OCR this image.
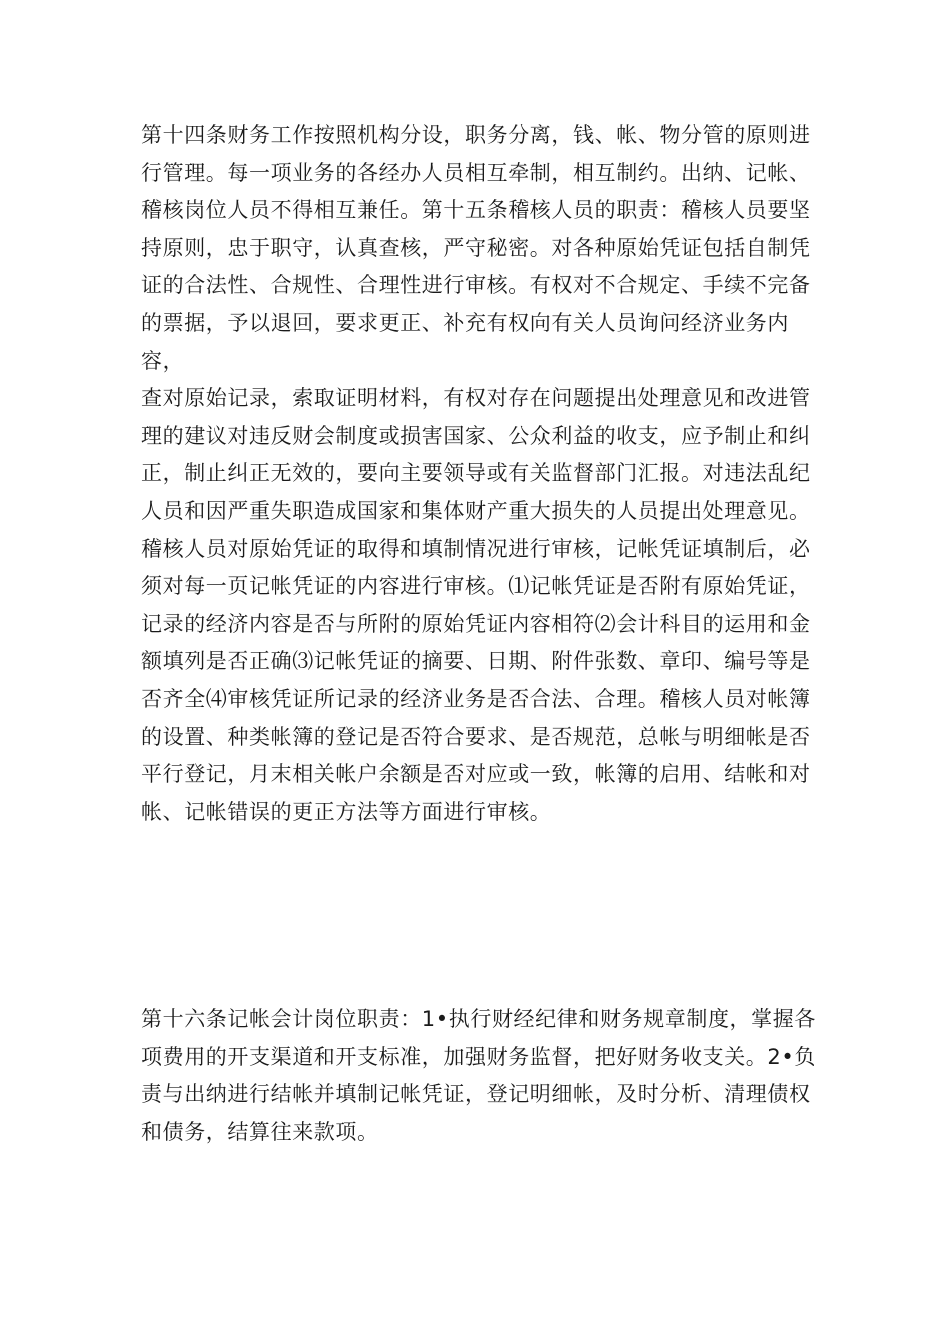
第十四条财务工作按照机构分设，职务分离，钱、帐、物分管的原则进
行管理。每一项业务的各经办人员相互牵制，相互制约。出纳、记帐、
稽核岗位人员不得相互兼任。第十五条稽核人员的职责：稽核人员要坚
持原则，忠于职守，认真查核，严守秘密。对各种原始凭证包括自制凭
证的合法性、合规性、合理性进行审核。有权对不合规定、手续不完备
的票据，予以退回，要求更正、补充有权向有关人员询问经济业务内容，
查对原始记录，索取证明材料，有权对存在问题提出处理意见和改进管
理的建议对违反财会制度或损害国家、公众利益的收支，应予制止和纠
正，制止纠正无效的，要向主要领导或有关监督部门汇报。对违法乱纪
人员和因严重失职造成国家和集体财产重大损失的人员提出处理意见。
稽核人员对原始凭证的取得和填制情况进行审核，记帐凭证填制后，必
须对每一页记帐凭证的内容进行审核。⑴记帐凭证是否附有原始凭证，
记录的经济内容是否与所附的原始凭证内容相符⑵会计科目的运用和金
额填列是否正确⑶记帐凭证的摘要、日期、附件张数、章印、编号等是
否齐全⑷审核凭证所记录的经济业务是否合法、合理。稽核人员对帐簿
的设置、种类帐簿的登记是否符合要求、是否规范，总帐与明细帐是否
平行登记，月末相关帐户余额是否对应或一致，帐簿的启用、结帐和对
帐、记帐错误的更正方法等方面进行审核。
第十六条记帐会计岗位职责：1•执行财经纪律和财务规章制度，掌握各
项费用的开支渠道和开支标准，加强财务监督，把好财务收支关。2•负
责与出纳进行结帐并填制记帐凭证，登记明细帐，及时分析、清理债权
和债务，结算往来款项。
